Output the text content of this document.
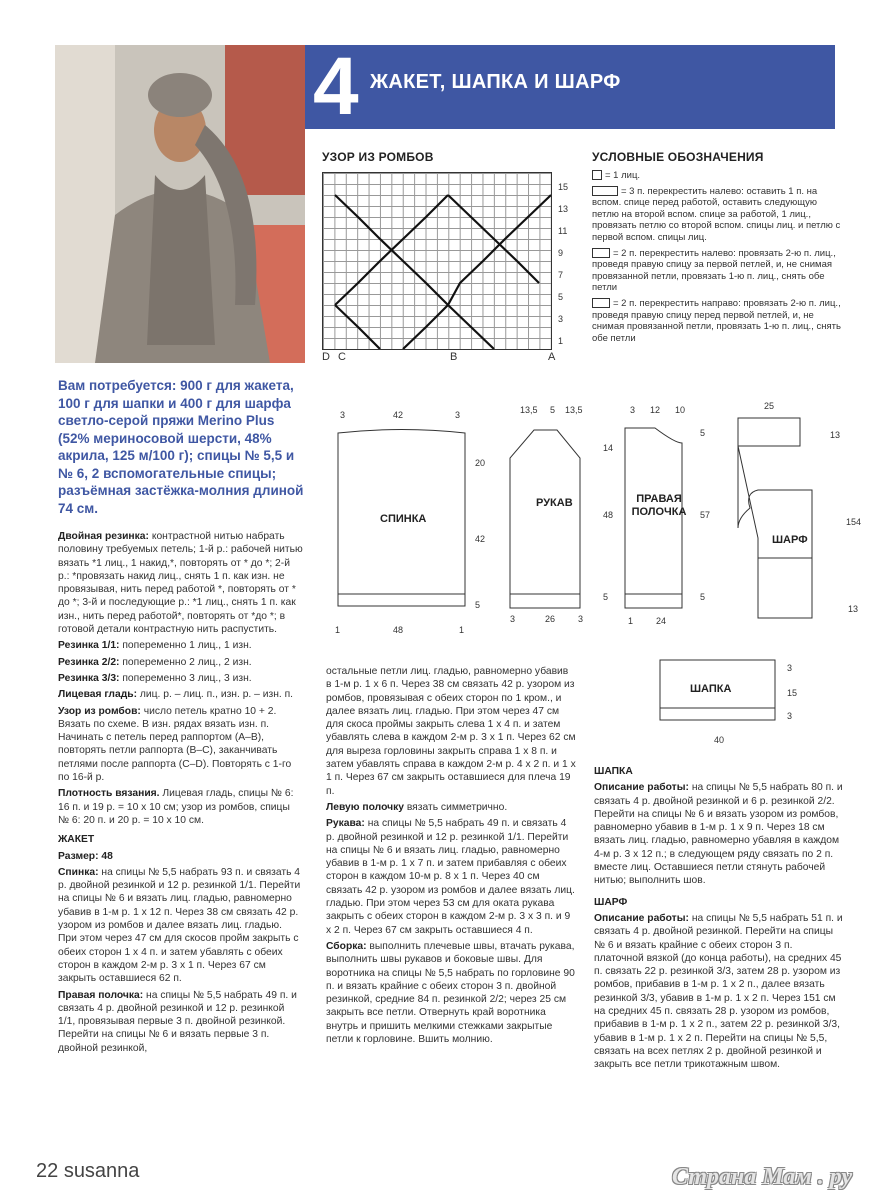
4 ЖАКЕТ, ШАПКА И ШАРФ
УЗОР ИЗ РОМБОВ
15
13
11
9
7
5
3
1
D C	B	A
УСЛОВНЫЕ ОБОЗНАЧЕНИЯ

= 1 лиц.

= 3 п. перекрестить налево: оставить 1 п. на вспом. спице перед работой, оставить следующую петлю на второй вспом. спице за работой, 1 лиц., провязать петлю со второй вспом. спицы лиц. и петлю с первой вспом. спицы лиц.

= 2 п. перекрестить налево: провязать 2-ю п. лиц., проведя правую спицу за первой петлей, и, не снимая провязанной петли, провязать 1-ю п. лиц., снять обе петли

= 2 п. перекрестить направо: провязать 2-ю п. лиц., проведя правую спицу перед первой петлей, и, не снимая провязанной петли, провязать 1-ю п. лиц., снять обе петли

Вам потребуется: 900 г для жакета, 100 г для шапки и 400 г для шарфа светло-серой пряжи Merino Plus (52% мериносовой шерсти, 48% акрила, 125 м/100 г); спицы № 5,5 и № 6, 2 вспомогательные спицы; разъёмная застёжка-молния длиной 74 см.

Двойная резинка: контрастной нитью набрать половину требуемых петель; 1-й р.: рабочей нитью вязать *1 лиц., 1 накид,*, повторять от * до *; 2-й р.: *провязать накид лиц., снять 1 п. как изн. не провязывая, нить перед работой *, повторять от * до *; 3-й и последующие р.: *1 лиц., снять 1 п. как изн., нить перед работой*, повторять от *до *; в готовой детали контрастную нить распустить.

Резинка 1/1: попеременно 1 лиц., 1 изн.

Резинка 2/2: попеременно 2 лиц., 2 изн.

Резинка 3/3: попеременно 3 лиц., 3 изн.

Лицевая гладь: лиц. р. – лиц. п., изн. р. – изн. п.

Узор из ромбов: число петель кратно 10 + 2. Вязать по схеме. В изн. рядах вязать изн. п. Начинать с петель перед раппортом (A–B), повторять петли раппорта (B–C), заканчивать петлями после раппорта (C–D). Повторять с 1-го по 16-й р.

Плотность вязания. Лицевая гладь, спицы № 6: 16 п. и 19 р. = 10 х 10 см; узор из ромбов, спицы № 6: 20 п. и 20 р. = 10 х 10 см.

ЖАКЕТ

Размер: 48

Спинка: на спицы № 5,5 набрать 93 п. и связать 4 р. двойной резинкой и 12 р. резинкой 1/1. Перейти на спицы № 6 и вязать лиц. гладью, равномерно убавив в 1-м р. 1 х 12 п. Через 38 см связать 42 р. узором из ромбов и далее вязать лиц. гладью. При этом через 47 см для скосов пройм закрыть с обеих сторон 1 х 4 п. и затем убавлять с обеих сторон в каждом 2-м р. 3 х 1 п. Через 67 см закрыть оставшиеся 62 п.

Правая полочка: на спицы № 5,5 набрать 49 п. и связать 4 р. двойной резинкой и 12 р. резинкой 1/1, провязывая первые 3 п. двойной резинкой. Перейти на спицы № 6 и вязать первые 3 п. двойной резинкой,

остальные петли лиц. гладью, равномерно убавив в 1-м р. 1 х 6 п. Через 38 см связать 42 р. узором из ромбов, провязывая с обеих сторон по 1 кром., и далее вязать лиц. гладью. При этом через 47 см для скоса проймы закрыть слева 1 х 4 п. и затем убавлять слева в каждом 2-м р. 3 х 1 п. Через 62 см для выреза горловины закрыть справа 1 х 8 п. и затем убавлять справа в каждом 2-м р. 4 х 2 п. и 1 х 1 п. Через 67 см закрыть оставшиеся для плеча 19 п.

Левую полочку вязать симметрично.

Рукава: на спицы № 5,5 набрать 49 п. и связать 4 р. двойной резинкой и 12 р. резинкой 1/1. Перейти на спицы № 6 и вязать лиц. гладью, равномерно убавив в 1-м р. 1 х 7 п. и затем прибавляя с обеих сторон в каждом 10-м р. 8 х 1 п. Через 40 см связать 42 р. узором из ромбов и далее вязать лиц. гладью. При этом через 53 см для оката рукава закрыть с обеих сторон в каждом 2-м р. 3 х 3 п. и 9 х 2 п. Через 67 см закрыть оставшиеся 4 п.

Сборка: выполнить плечевые швы, втачать рукава, выполнить швы рукавов и боковые швы. Для воротника на спицы № 5,5 набрать по горловине 90 п. и вязать крайние с обеих сторон 3 п. двойной резинкой, средние 84 п. резинкой 2/2; через 25 см закрыть все петли. Отвернуть край воротника внутрь и пришить мелкими стежками закрытые петли к горловине. Вшить молнию.

ШАПКА

Описание работы: на спицы № 5,5 набрать 80 п. и связать 4 р. двойной резинкой и 6 р. резинкой 2/2. Перейти на спицы № 6 и вязать узором из ромбов, равномерно убавив в 1-м р. 1 х 9 п. Через 18 см вязать лиц. гладью, равномерно убавляя в каждом 4-м р. 3 х 12 п.; в следующем ряду связать по 2 п. вместе лиц. Оставшиеся петли стянуть рабочей нитью; выполнить шов.

ШАРФ

Описание работы: на спицы № 5,5 набрать 51 п. и связать 4 р. двойной резинкой. Перейти на спицы № 6 и вязать крайние с обеих сторон 3 п. платочной вязкой (до конца работы), на средних 45 п. связать 22 р. резинкой 3/3, затем 28 р. узором из ромбов, прибавив в 1-м р. 1 х 2 п., далее вязать резинкой 3/3, убавив в 1-м р. 1 х 2 п. Через 151 см на средних 45 п. связать 28 р. узором из ромбов, прибавив в 1-м р. 1 х 2 п., затем 22 р. резинкой 3/3, убавив в 1-м р. 1 х 2 п. Перейти на спицы № 5,5, связать на всех петлях 2 р. двойной резинкой и закрыть все петли трикотажным швом.

СПИНКА
РУКАВ	ПРАВАЯ ПОЛОЧКА
ШАРФ
ШАПКА
3	42	3
20
42
5
1	48	1
13,5 5 13,5
14
48
5
3	26	3
3 12 10
5
57
5
1	24
25
13
154
13
3
15
3
40
22 susanna	Страна Мам . ру
